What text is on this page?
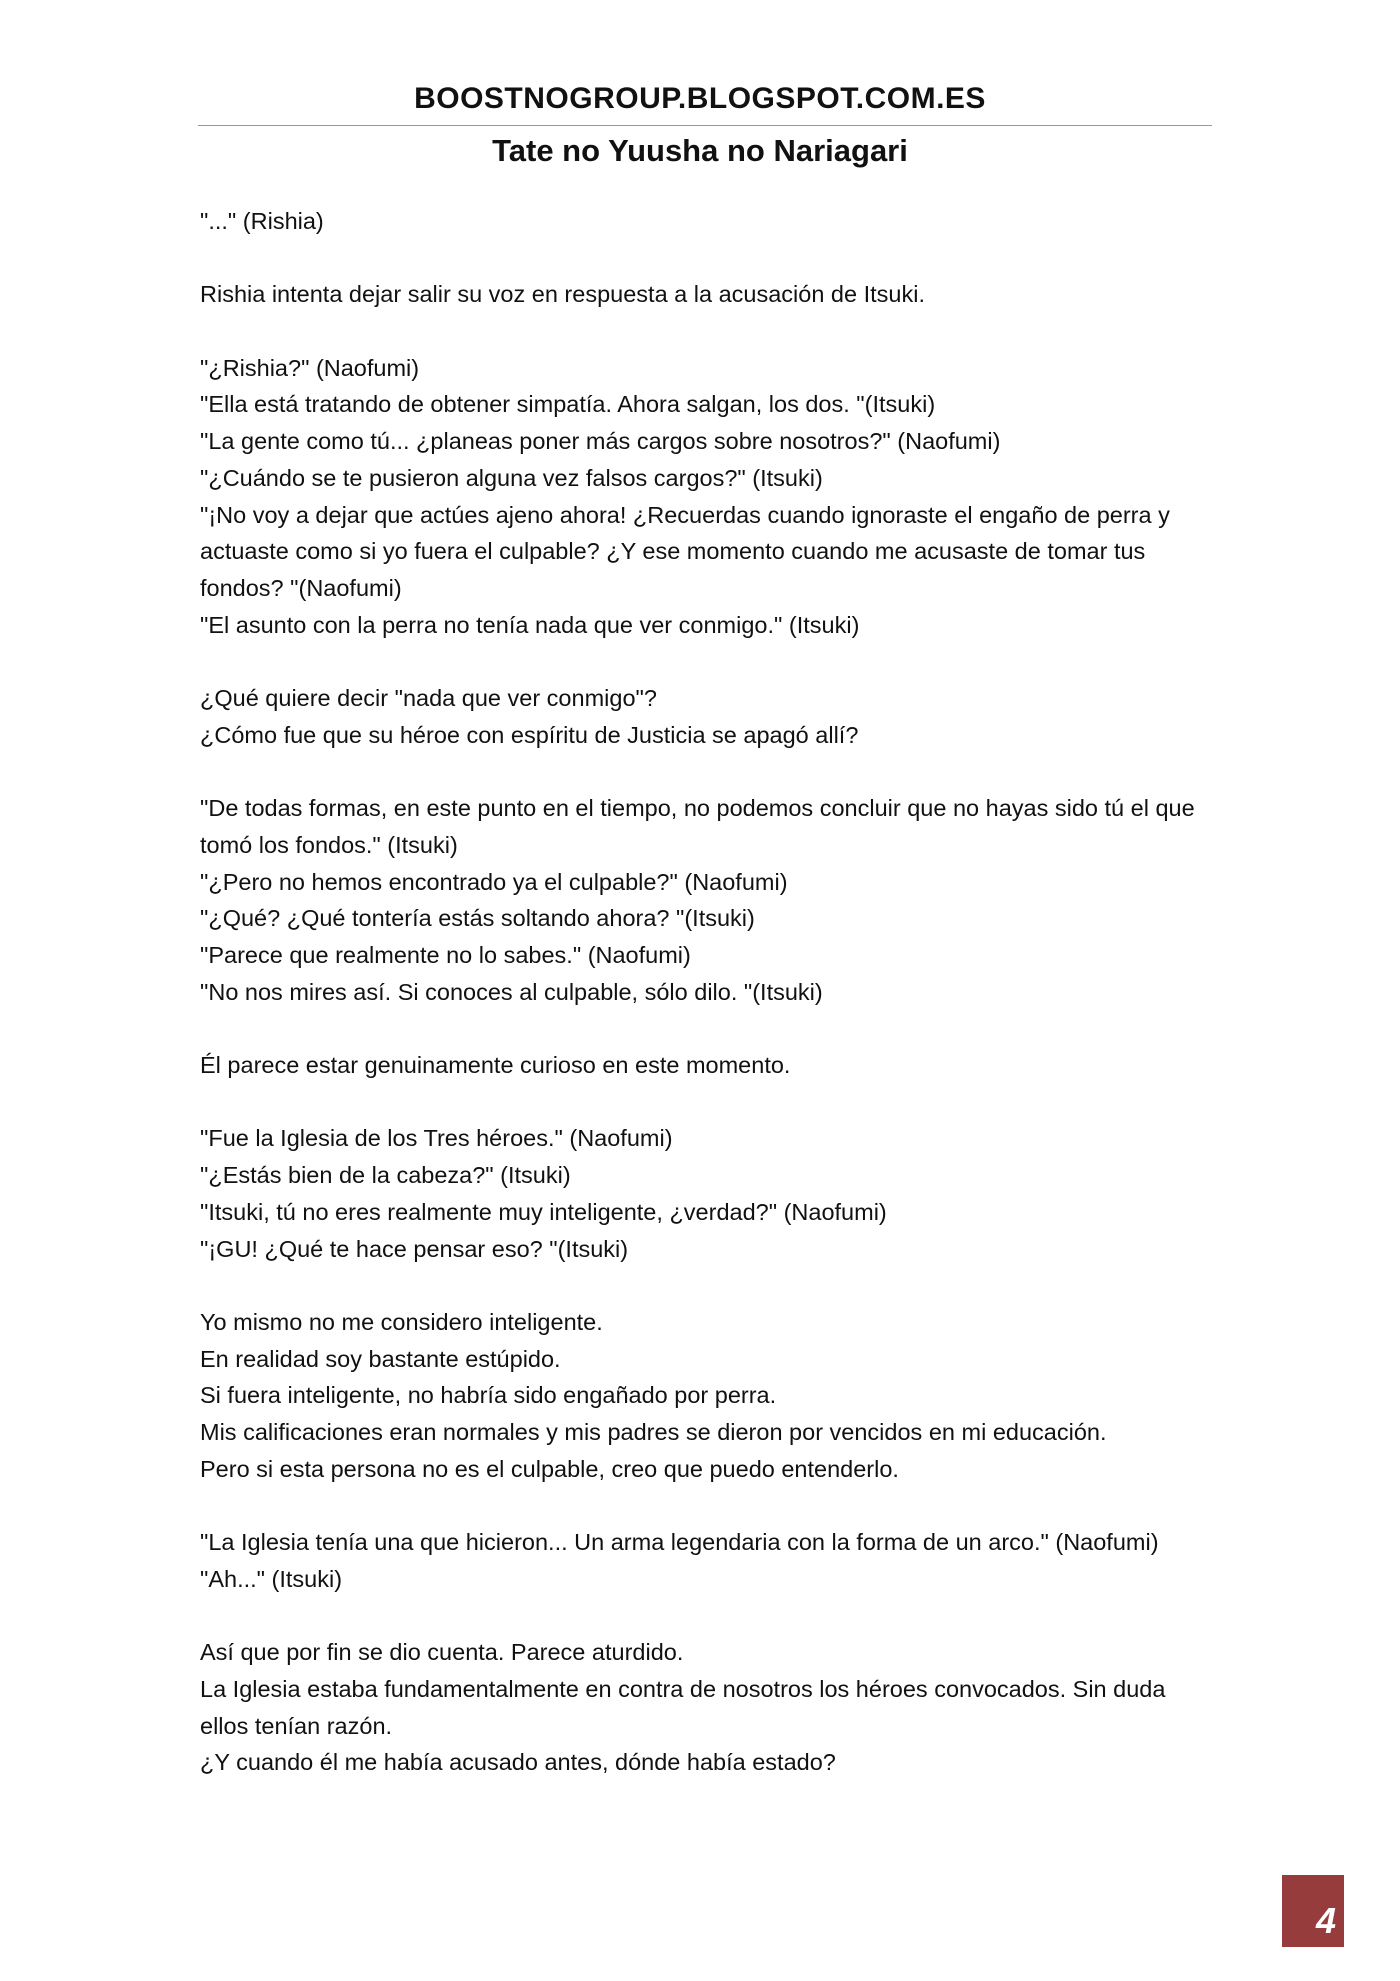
BOOSTNOGROUP.BLOGSPOT.COM.ES
Tate no Yuusha no Nariagari
"..." (Rishia)
Rishia intenta dejar salir su voz en respuesta a la acusación de Itsuki.
"¿Rishia?" (Naofumi)
"Ella está tratando de obtener simpatía. Ahora salgan, los dos. "(Itsuki)
"La gente como tú... ¿planeas poner más cargos sobre nosotros?" (Naofumi)
"¿Cuándo se te pusieron alguna vez falsos cargos?" (Itsuki)
"¡No voy a dejar que actúes ajeno ahora! ¿Recuerdas cuando ignoraste el engaño de perra y actuaste como si yo fuera el culpable? ¿Y ese momento cuando me acusaste de tomar tus fondos? "(Naofumi)
"El asunto con la perra no tenía nada que ver conmigo." (Itsuki)
¿Qué quiere decir "nada que ver conmigo"?
¿Cómo fue que su héroe con espíritu de Justicia se apagó allí?
"De todas formas, en este punto en el tiempo, no podemos concluir que no hayas sido tú el que tomó los fondos." (Itsuki)
"¿Pero no hemos encontrado ya el culpable?" (Naofumi)
"¿Qué? ¿Qué tontería estás soltando ahora? "(Itsuki)
"Parece que realmente no lo sabes." (Naofumi)
"No nos mires así. Si conoces al culpable, sólo dilo. "(Itsuki)
Él parece estar genuinamente curioso en este momento.
"Fue la Iglesia de los Tres héroes." (Naofumi)
"¿Estás bien de la cabeza?" (Itsuki)
"Itsuki, tú no eres realmente muy inteligente, ¿verdad?" (Naofumi)
"¡GU! ¿Qué te hace pensar eso? "(Itsuki)
Yo mismo no me considero inteligente.
En realidad soy bastante estúpido.
Si fuera inteligente, no habría sido engañado por perra.
Mis calificaciones eran normales y mis padres se dieron por vencidos en mi educación.
Pero si esta persona no es el culpable, creo que puedo entenderlo.
"La Iglesia tenía una que hicieron... Un arma legendaria con la forma de un arco." (Naofumi)
"Ah..." (Itsuki)
Así que por fin se dio cuenta. Parece aturdido.
La Iglesia estaba fundamentalmente en contra de nosotros los héroes convocados. Sin duda ellos tenían razón.
¿Y cuando él me había acusado antes, dónde había estado?
4
